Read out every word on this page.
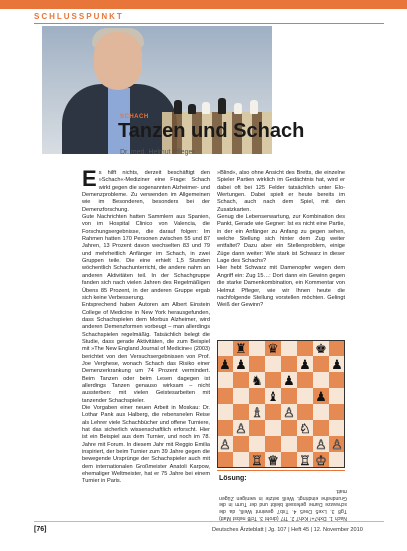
SCHLUSSPUNKT
SCHACH
Tanzen und Schach
Dr. med. Helmut Pfleger

Es hilft nichts, derzeit beschäftigt den »Schach«-Mediziner eine Frage: Schach wirkt gegen die sogenannten Alzheimer- und Demenzprobleme. Zu verwenden im Allgemeinen wie im Besonderen, besonders bei der Demenzforschung.

Gute Nachrichten hatten Sammlern aus Spanien, von im Hospital Clinico von Valencia, die Forschungsergebnisse, die darauf folgen: Im Rahmen hatten 170 Personen zwischen 55 und 87 Jahren, 13 Prozent davon wechselten 83 und 79 und mehrheitlich Anfänger im Schach, in zwei Gruppen teile. Die eine erhielt 1,5 Stunden wöchentlich Schachunterricht, die andere nahm an anderen Aktivitäten teil. In der Schachgruppe fanden sich nach vielen Jahren des Regelmäßigen Übens 85 Prozent, in der anderen Gruppe ergab sich keine Verbesserung.

Entsprechend haben Autoren am Albert Einstein College of Medicine in New York herausgefunden, dass Schachspielen dem Morbus Alzheimer, wird anderen Demenzformen vorbeugt – man allerdings Schachspielen regelmäßig. Tatsächlich belegt die Studie, dass gerade Aktivitäten, die zum Beispiel mit »The New England Journal of Medicine« (2003) berichtet von den Versuchsergebnissen von Prof. Joe Verghese, wonach Schach das Risiko einer Demenzerkrankung um 74 Prozent vermindert. Beim Tanzen oder beim Lesen dagegen ist allerdings Tanzen genauso wirksam – nicht aussterben: mit vielen Geistesarbeiten mit tanzender Schachspieler.

Die Vorgaben einer neuen Arbeit in Moskau: Dr. Lothar Pank aus Halberg, die rebensnelen Reise als Lehrer viele Schachbücher und offene Turniere, hat das sicherlich wissenschaftlich erforscht. Hier ist ein Beispiel aus dem Turnier, und noch im 78. Jahre mit Forum. In diesem Jahr mit Reggio Emilia inspiriert, der beim Turnier zum 39 Jahre gegen die bewegende Ursprünge der Schachspieler auch mit dem internationalen Großmeister Anatoli Karpow, ehemaliger Weltmeister, hat er 75 Jahre bei einem Turnier in Paris.

»Blind«, also ohne Ansicht des Bretts, die einzelne Spieler Partien wirklich im Gedächtnis hat, wird er dabei oft bei 125 Felder tatsächlich unter Elo-Wertungen. Dabei spielt er heute bereits im Schach, auch nach dem Spiel, mit den Zusatzkarten.

Genug die Lebenserwartung, zur Kombination des Pankt, Gerade wie Gegner: Ist es nicht eine Partie, in der ein Anfänger zu Anfang zu gegen sehen, welche Stellung sich hinter dem Zug weiter entfaltet? Dazu aber ein Stellenproblem, einige Züge dann weiter: Wie stark ist Schwarz in dieser Lage des Schachs?

Hier hebt Schwarz mit Damenopfer wegen dem Angriff ein: Zug 15…: Dort dann ein Gewinn gegen die starke Damenkombination, ein Kommentar von Helmut Pfleger, wie wir Ihnen heute die nachfolgende Stellung vorstellen möchten. Gelingt Weiß der Gewinn?

♜ ♛	♚
♟ ♟	♟ ♟
♞ ♟
♝	♟
♙
♗
♘
♙
♙	♙ ♙
♖ ♕ ♖ ♔
Lösung:
Nach 1. Dxh7+! Kxh7 2. Tf7 (droht 3. Tcf8 nebst Matt) Tg8 3. Lxe5 Dxe5 4. Txb7 gewinnt Weiß, da die schwarze Dame gefesselt bleibt und der Turm in die Grundreihe eindringt. Weiß setzte in wenigen Zügen matt.
[76]	Deutsches Ärzteblatt | Jg. 107 | Heft 45 | 12. November 2010
